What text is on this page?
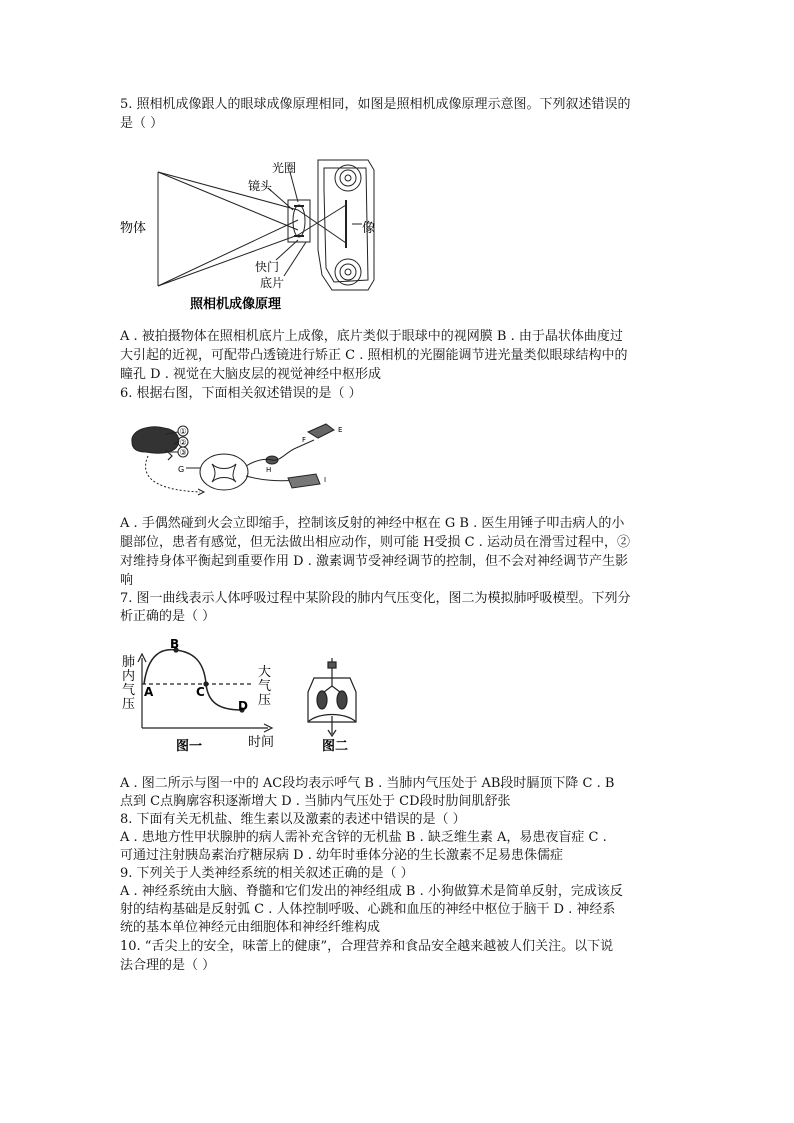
5. 照相机成像跟人的眼球成像原理相同，如图是照相机成像原理示意图。下列叙述错误的
是（ ）
物体
光圈
镜头
像
快门
底片
照相机成像原理
A . 被拍摄物体在照相机底片上成像，底片类似于眼球中的视网膜 B . 由于晶状体曲度过
大引起的近视，可配带凸透镜进行矫正 C . 照相机的光圈能调节进光量类似眼球结构中的
瞳孔 D . 视觉在大脑皮层的视觉神经中枢形成
6. 根据右图，下面相关叙述错误的是（ ）
①
②
③
G	H
F
E
I
A . 手偶然碰到火会立即缩手，控制该反射的神经中枢在 G B . 医生用锤子叩击病人的小
腿部位，患者有感觉，但无法做出相应动作，则可能 H受损 C . 运动员在滑雪过程中，②
对维持身体平衡起到重要作用 D . 激素调节受神经调节的控制，但不会对神经调节产生影
响
7. 图一曲线表示人体呼吸过程中某阶段的肺内气压变化，图二为模拟肺呼吸模型。下列分
析正确的是（ ）
肺
内
气
压
A
B
C
D
大
气
压
时间
图一	图二
A . 图二所示与图一中的 AC段均表示呼气 B . 当肺内气压处于 AB段时膈顶下降 C . B
点到 C点胸廓容积逐渐增大 D . 当肺内气压处于 CD段时肋间肌舒张
8. 下面有关无机盐、维生素以及激素的表述中错误的是（ ）
A . 患地方性甲状腺肿的病人需补充含锌的无机盐 B . 缺乏维生素 A，易患夜盲症 C .
可通过注射胰岛素治疗糖尿病 D . 幼年时垂体分泌的生长激素不足易患侏儒症
9. 下列关于人类神经系统的相关叙述正确的是（ ）
A . 神经系统由大脑、脊髓和它们发出的神经组成 B . 小狗做算术是简单反射，完成该反
射的结构基础是反射弧 C . 人体控制呼吸、心跳和血压的神经中枢位于脑干 D . 神经系
统的基本单位神经元由细胞体和神经纤维构成
10. “舌尖上的安全，味蕾上的健康”，合理营养和食品安全越来越被人们关注。以下说
法合理的是（ ）
